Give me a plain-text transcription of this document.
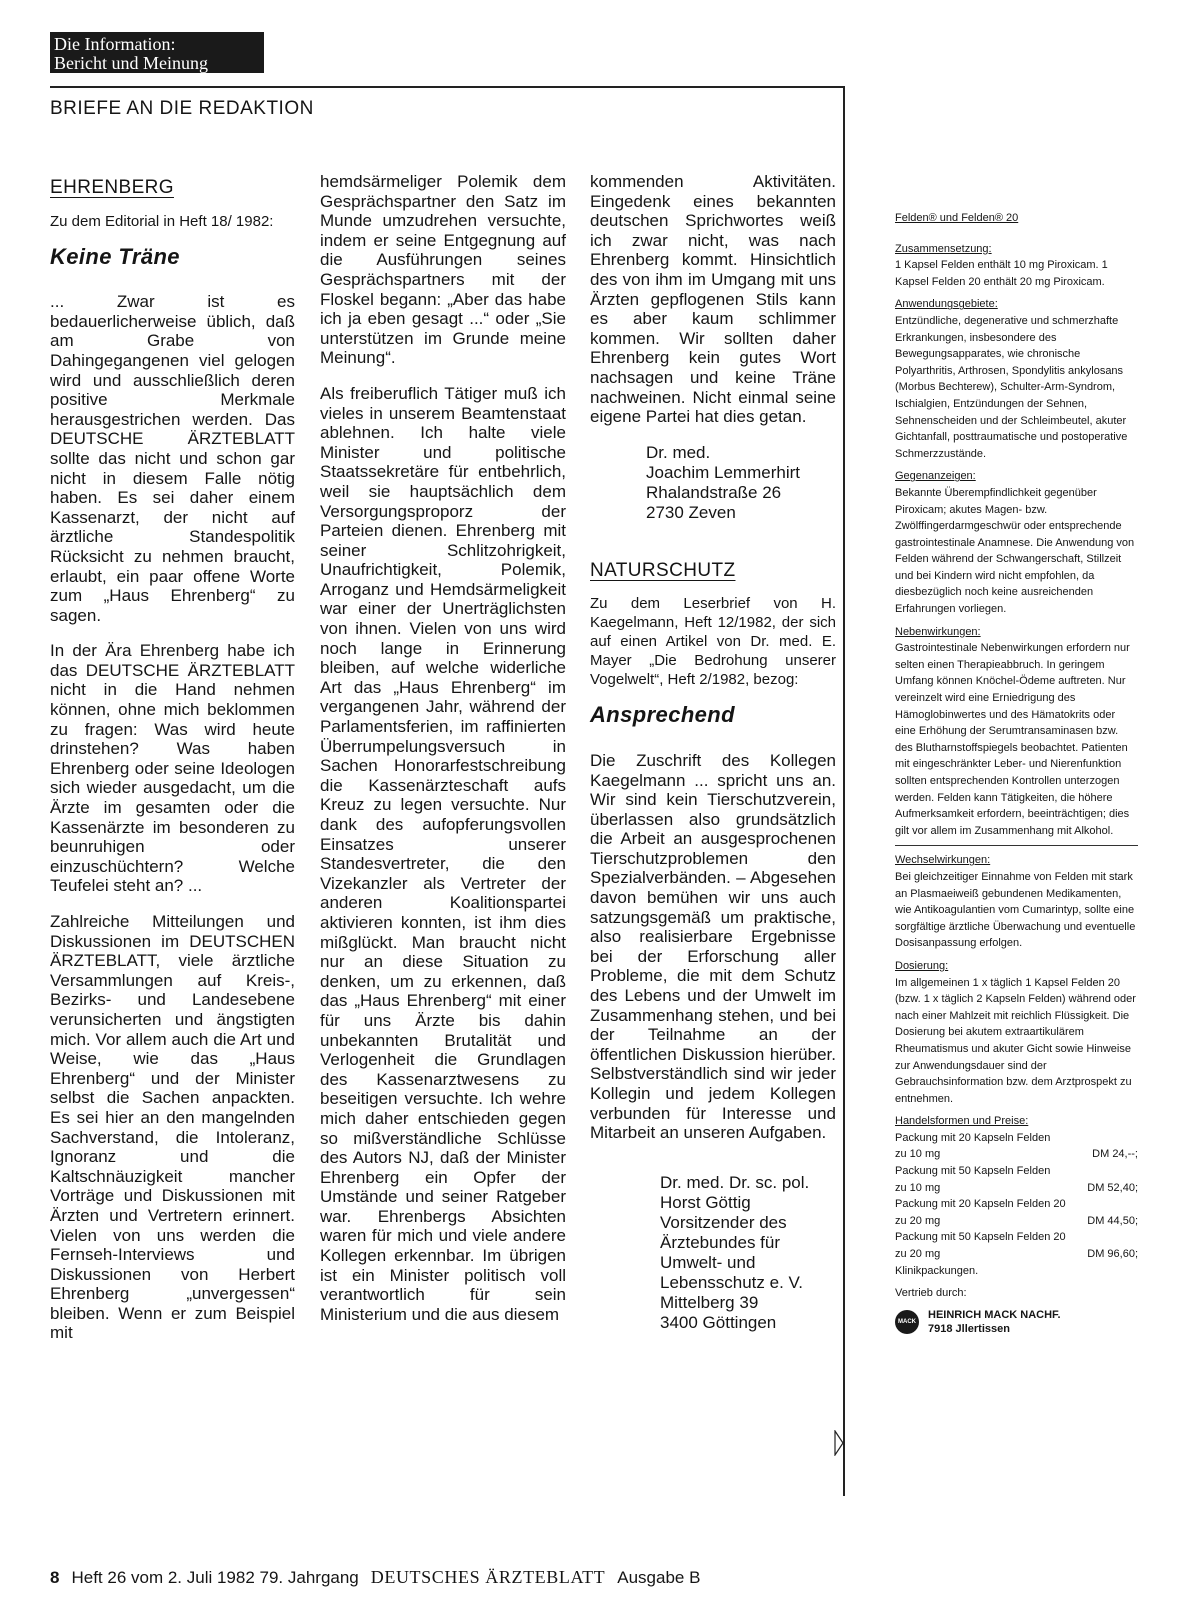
Die Information:
Bericht und Meinung
BRIEFE AN DIE REDAKTION
EHRENBERG

Zu dem Editorial in Heft 18/ 1982:

Keine Träne

... Zwar ist es bedauerlicherweise üblich, daß am Grabe von Dahingegangenen viel gelogen wird und ausschließlich deren positive Merkmale herausgestrichen werden. Das DEUTSCHE ÄRZTEBLATT sollte das nicht und schon gar nicht in diesem Falle nötig haben. Es sei daher einem Kassenarzt, der nicht auf ärztliche Standespolitik Rücksicht zu nehmen braucht, erlaubt, ein paar offene Worte zum „Haus Ehrenberg“ zu sagen.

In der Ära Ehrenberg habe ich das DEUTSCHE ÄRZTEBLATT nicht in die Hand nehmen können, ohne mich beklommen zu fragen: Was wird heute drinstehen? Was haben Ehrenberg oder seine Ideologen sich wieder ausgedacht, um die Ärzte im gesamten oder die Kassenärzte im besonderen zu beunruhigen oder einzuschüchtern? Welche Teufelei steht an? ...

Zahlreiche Mitteilungen und Diskussionen im DEUTSCHEN ÄRZTEBLATT, viele ärztliche Versammlungen auf Kreis-, Bezirks- und Landesebene verunsicherten und ängstigten mich. Vor allem auch die Art und Weise, wie das „Haus Ehrenberg“ und der Minister selbst die Sachen anpackten. Es sei hier an den mangelnden Sachverstand, die Intoleranz, Ignoranz und die Kaltschnäuzigkeit mancher Vorträge und Diskussionen mit Ärzten und Vertretern erinnert. Vielen von uns werden die Fernseh-Interviews und Diskussionen von Herbert Ehrenberg „unvergessen“ bleiben. Wenn er zum Beispiel mit

hemdsärmeliger Polemik dem Gesprächspartner den Satz im Munde umzudrehen versuchte, indem er seine Entgegnung auf die Ausführungen seines Gesprächspartners mit der Floskel begann: „Aber das habe ich ja eben gesagt ...“ oder „Sie unterstützen im Grunde meine Meinung“.

Als freiberuflich Tätiger muß ich vieles in unserem Beamtenstaat ablehnen. Ich halte viele Minister und politische Staatssekretäre für entbehrlich, weil sie hauptsächlich dem Versorgungsproporz der Parteien dienen. Ehrenberg mit seiner Schlitzohrigkeit, Unaufrichtigkeit, Polemik, Arroganz und Hemdsärmeligkeit war einer der Unerträglichsten von ihnen. Vielen von uns wird noch lange in Erinnerung bleiben, auf welche widerliche Art das „Haus Ehrenberg“ im vergangenen Jahr, während der Parlamentsferien, im raffinierten Überrumpelungsversuch in Sachen Honorarfestschreibung die Kassenärzteschaft aufs Kreuz zu legen versuchte. Nur dank des aufopferungsvollen Einsatzes unserer Standesvertreter, die den Vizekanzler als Vertreter der anderen Koalitionspartei aktivieren konnten, ist ihm dies mißglückt. Man braucht nicht nur an diese Situation zu denken, um zu erkennen, daß das „Haus Ehrenberg“ mit einer für uns Ärzte bis dahin unbekannten Brutalität und Verlogenheit die Grundlagen des Kassenarztwesens zu beseitigen versuchte. Ich wehre mich daher entschieden gegen so mißverständliche Schlüsse des Autors NJ, daß der Minister Ehrenberg ein Opfer der Umstände und seiner Ratgeber war. Ehrenbergs Absichten waren für mich und viele andere Kollegen erkennbar. Im übrigen ist ein Minister politisch voll verantwortlich für sein Ministerium und die aus diesem

kommenden Aktivitäten. Eingedenk eines bekannten deutschen Sprichwortes weiß ich zwar nicht, was nach Ehrenberg kommt. Hinsichtlich des von ihm im Umgang mit uns Ärzten gepflogenen Stils kann es aber kaum schlimmer kommen. Wir sollten daher Ehrenberg kein gutes Wort nachsagen und keine Träne nachweinen. Nicht einmal seine eigene Partei hat dies getan.

Dr. med.
Joachim Lemmerhirt
Rhalandstraße 26
2730 Zeven

NATURSCHUTZ

Zu dem Leserbrief von H. Kaegelmann, Heft 12/1982, der sich auf einen Artikel von Dr. med. E. Mayer „Die Bedrohung unserer Vogelwelt“, Heft 2/1982, bezog:

Ansprechend

Die Zuschrift des Kollegen Kaegelmann ... spricht uns an. Wir sind kein Tierschutzverein, überlassen also grundsätzlich die Arbeit an ausgesprochenen Tierschutzproblemen den Spezialverbänden. – Abgesehen davon bemühen wir uns auch satzungsgemäß um praktische, also realisierbare Ergebnisse bei der Erforschung aller Probleme, die mit dem Schutz des Lebens und der Umwelt im Zusammenhang stehen, und bei der Teilnahme an der öffentlichen Diskussion hierüber. Selbstverständlich sind wir jeder Kollegin und jedem Kollegen verbunden für Interesse und Mitarbeit an unseren Aufgaben.

Dr. med. Dr. sc. pol.
Horst Göttig
Vorsitzender des
Ärztebundes für
Umwelt- und
Lebensschutz e. V.
Mittelberg 39
3400 Göttingen

Felden® und Felden® 20
Zusammensetzung:
1 Kapsel Felden enthält 10 mg Piroxicam. 1 Kapsel Felden 20 enthält 20 mg Piroxicam.
Anwendungsgebiete:
Entzündliche, degenerative und schmerzhafte Erkrankungen, insbesondere des Bewegungsapparates, wie chronische Polyarthritis, Arthrosen, Spondylitis ankylosans (Morbus Bechterew), Schulter-Arm-Syndrom, Ischialgien, Entzündungen der Sehnen, Sehnenscheiden und der Schleimbeutel, akuter Gichtanfall, posttraumatische und postoperative Schmerzzustände.
Gegenanzeigen:
Bekannte Überempfindlichkeit gegenüber Piroxicam; akutes Magen- bzw. Zwölffingerdarmgeschwür oder entsprechende gastrointestinale Anamnese. Die Anwendung von Felden während der Schwangerschaft, Stillzeit und bei Kindern wird nicht empfohlen, da diesbezüglich noch keine ausreichenden Erfahrungen vorliegen.
Nebenwirkungen:
Gastrointestinale Nebenwirkungen erfordern nur selten einen Therapieabbruch. In geringem Umfang können Knöchel-Ödeme auftreten. Nur vereinzelt wird eine Erniedrigung des Hämoglobinwertes und des Hämatokrits oder eine Erhöhung der Serumtransaminasen bzw. des Blutharnstoffspiegels beobachtet. Patienten mit eingeschränkter Leber- und Nierenfunktion sollten entsprechenden Kontrollen unterzogen werden. Felden kann Tätigkeiten, die höhere Aufmerksamkeit erfordern, beeinträchtigen; dies gilt vor allem im Zusammenhang mit Alkohol.
Wechselwirkungen:
Bei gleichzeitiger Einnahme von Felden mit stark an Plasmaeiweiß gebundenen Medikamenten, wie Antikoagulantien vom Cumarintyp, sollte eine sorgfältige ärztliche Überwachung und eventuelle Dosisanpassung erfolgen.
Dosierung:
Im allgemeinen 1 x täglich 1 Kapsel Felden 20 (bzw. 1 x täglich 2 Kapseln Felden) während oder nach einer Mahlzeit mit reichlich Flüssigkeit. Die Dosierung bei akutem extraartikulärem Rheumatismus und akuter Gicht sowie Hinweise zur Anwendungsdauer sind der Gebrauchsinformation bzw. dem Arztprospekt zu entnehmen.
Handelsformen und Preise:
Packung mit 20 Kapseln Felden
zu 10 mg	DM 24,--;
Packung mit 50 Kapseln Felden
zu 10 mg	DM 52,40;
Packung mit 20 Kapseln Felden 20
zu 20 mg	DM 44,50;
Packung mit 50 Kapseln Felden 20
zu 20 mg	DM 96,60;
Klinikpackungen.
Vertrieb durch:
MACK
HEINRICH MACK NACHF.
7918 Jllertissen
8 Heft 26 vom 2. Juli 1982 79. Jahrgang DEUTSCHES ÄRZTEBLATT Ausgabe B
